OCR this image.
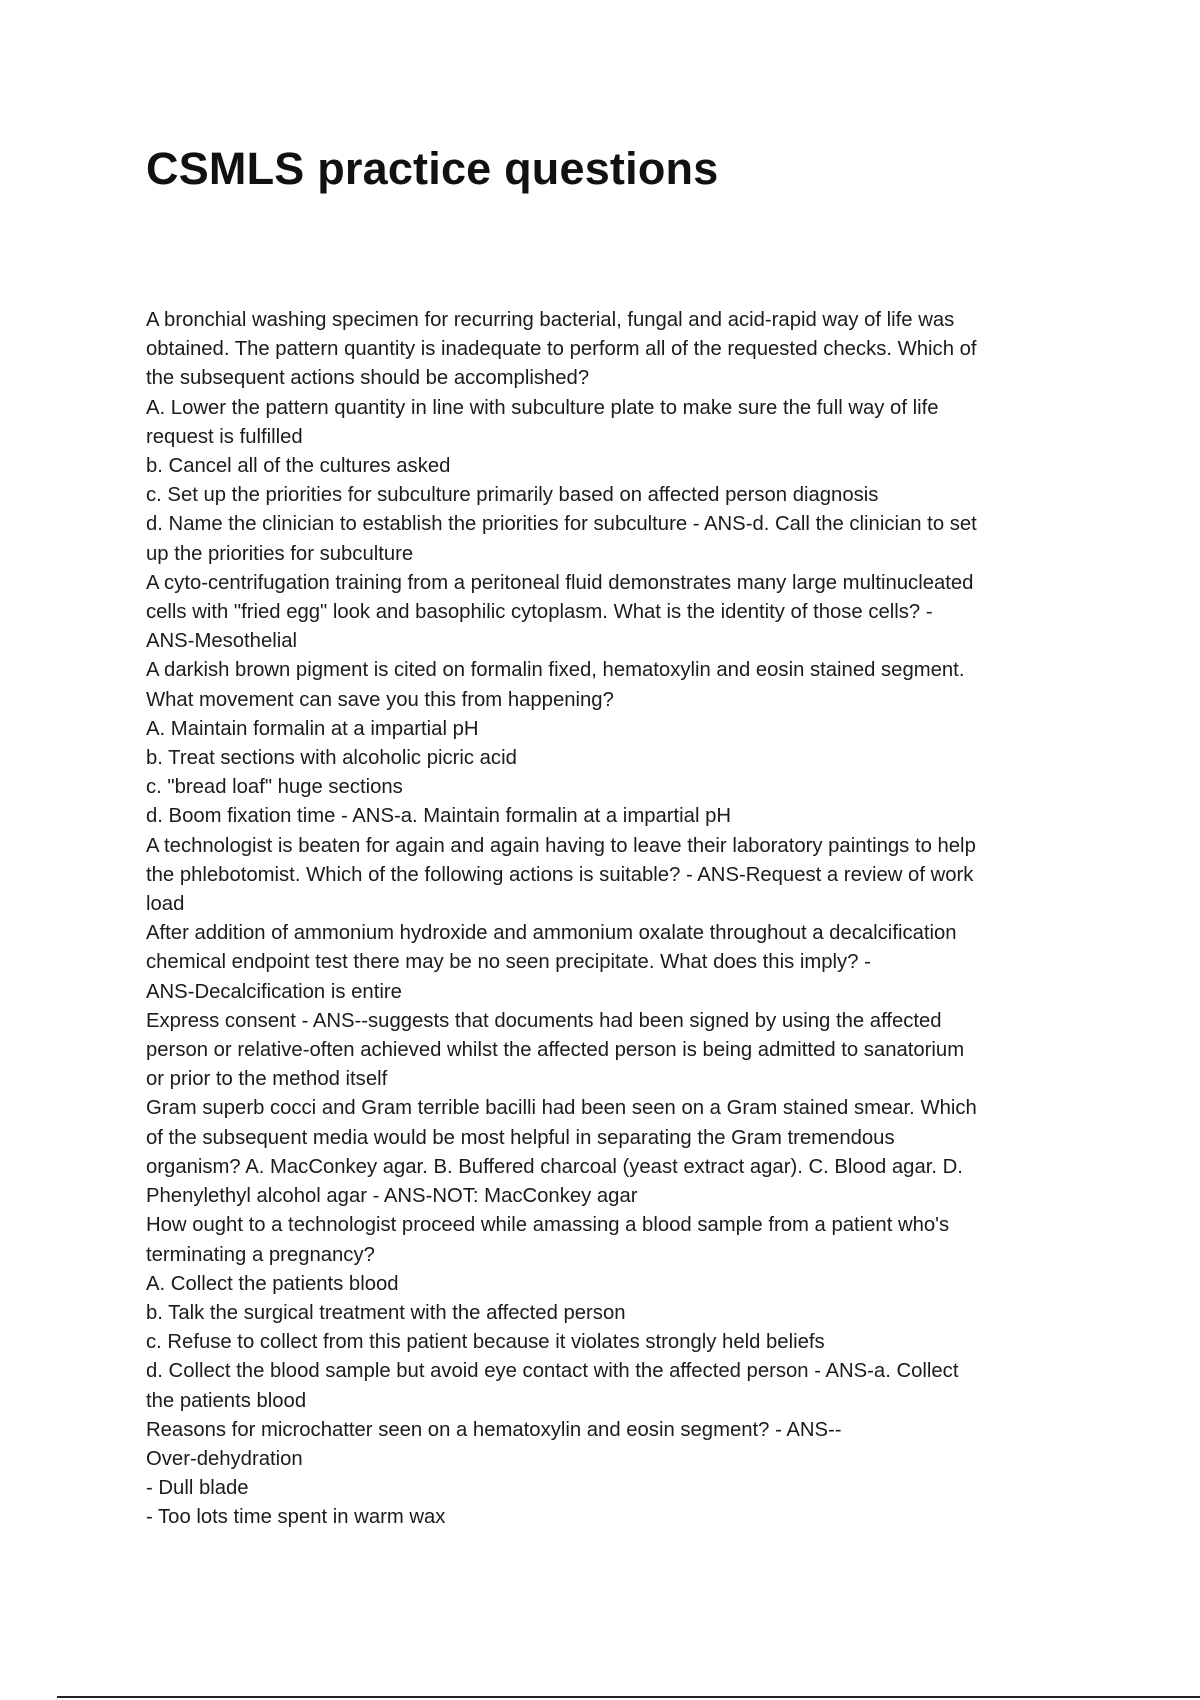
CSMLS practice questions
A bronchial washing specimen for recurring bacterial, fungal and acid-rapid way of life was
obtained. The pattern quantity is inadequate to perform all of the requested checks. Which of
the subsequent actions should be accomplished?
A. Lower the pattern quantity in line with subculture plate to make sure the full way of life
request is fulfilled
b. Cancel all of the cultures asked
c. Set up the priorities for subculture primarily based on affected person diagnosis
d. Name the clinician to establish the priorities for subculture - ANS-d. Call the clinician to set
up the priorities for subculture
A cyto-centrifugation training from a peritoneal fluid demonstrates many large multinucleated
cells with "fried egg" look and basophilic cytoplasm. What is the identity of those cells? -
ANS-Mesothelial
A darkish brown pigment is cited on formalin fixed, hematoxylin and eosin stained segment.
What movement can save you this from happening?
A. Maintain formalin at a impartial pH
b. Treat sections with alcoholic picric acid
c. "bread loaf" huge sections
d. Boom fixation time - ANS-a. Maintain formalin at a impartial pH
A technologist is beaten for again and again having to leave their laboratory paintings to help
the phlebotomist. Which of the following actions is suitable? - ANS-Request a review of work
load
After addition of ammonium hydroxide and ammonium oxalate throughout a decalcification
chemical endpoint test there may be no seen precipitate. What does this imply? -
ANS-Decalcification is entire
Express consent - ANS--suggests that documents had been signed by using the affected
person or relative-often achieved whilst the affected person is being admitted to sanatorium
or prior to the method itself
Gram superb cocci and Gram terrible bacilli had been seen on a Gram stained smear. Which
of the subsequent media would be most helpful in separating the Gram tremendous
organism? A. MacConkey agar. B. Buffered charcoal (yeast extract agar). C. Blood agar. D.
Phenylethyl alcohol agar - ANS-NOT: MacConkey agar
How ought to a technologist proceed while amassing a blood sample from a patient who's
terminating a pregnancy?
A. Collect the patients blood
b. Talk the surgical treatment with the affected person
c. Refuse to collect from this patient because it violates strongly held beliefs
d. Collect the blood sample but avoid eye contact with the affected person - ANS-a. Collect
the patients blood
Reasons for microchatter seen on a hematoxylin and eosin segment? - ANS--
Over-dehydration
- Dull blade
- Too lots time spent in warm wax
